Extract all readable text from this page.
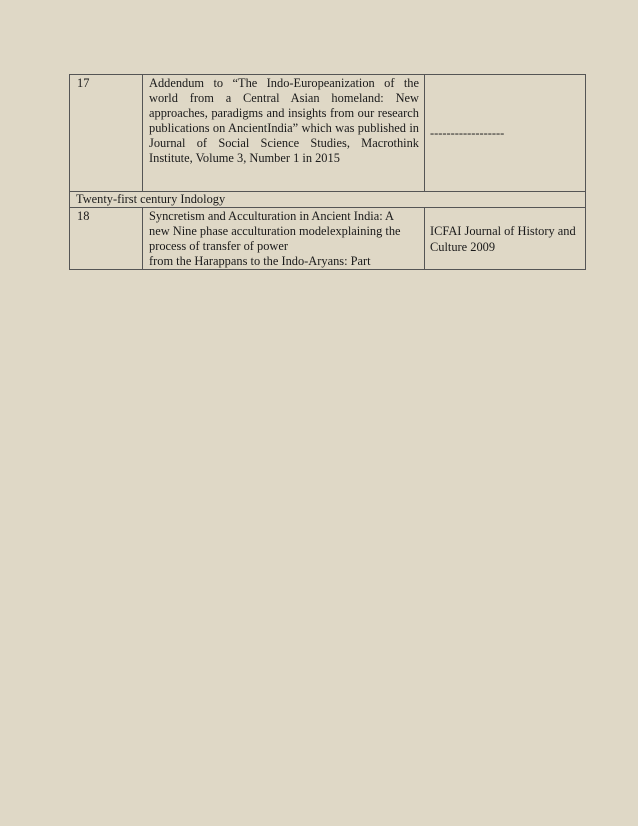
17	Addendum to “The Indo-Europeanization of the world from a Central Asian homeland: New approaches, paradigms and insights from our research publications on AncientIndia” which was published in Journal of Social Science Studies, Macrothink Institute, Volume 3, Number 1 in 2015	------------------
Twenty-first century Indology		
18	Syncretism and Acculturation in Ancient India: A
new Nine phase acculturation modelexplaining the
process of transfer of power
from the Harappans to the Indo-Aryans: Part	ICFAI Journal of History and Culture 2009
